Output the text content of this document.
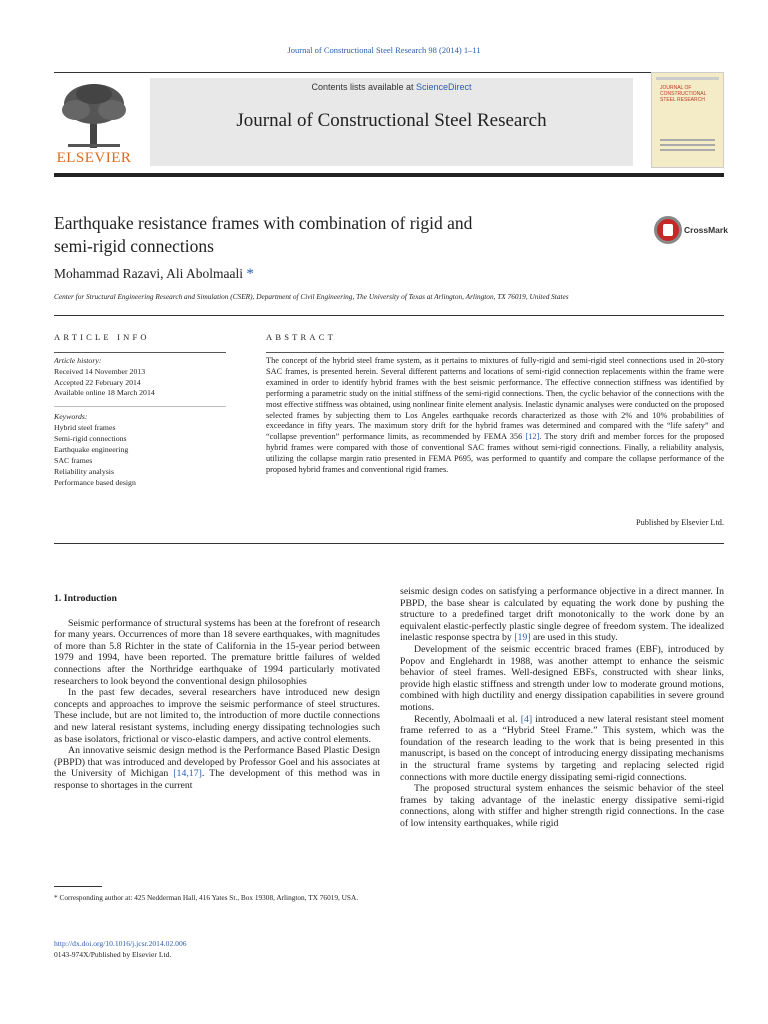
Journal of Constructional Steel Research 98 (2014) 1–11
ELSEVIER
Contents lists available at ScienceDirect
Journal of Constructional Steel Research
JOURNAL OF CONSTRUCTIONAL STEEL RESEARCH
Earthquake resistance frames with combination of rigid and
semi-rigid connections
CrossMark
Mohammad Razavi, Ali Abolmaali *
Center for Structural Engineering Research and Simulation (CSER), Department of Civil Engineering, The University of Texas at Arlington, Arlington, TX 76019, United States
ARTICLE INFO	ABSTRACT
Article history:
Received 14 November 2013
Accepted 22 February 2014
Available online 18 March 2014
Keywords:
Hybrid steel frames
Semi-rigid connections
Earthquake engineering
SAC frames
Reliability analysis
Performance based design
The concept of the hybrid steel frame system, as it pertains to mixtures of fully-rigid and semi-rigid steel connections used in 20-story SAC frames, is presented herein. Several different patterns and locations of semi-rigid connection replacements within the frame were examined in order to identify hybrid frames with the best seismic performance. The effective connection stiffness was identified by performing a parametric study on the initial stiffness of the semi-rigid connections. Then, the cyclic behavior of the connections with the most effective stiffness was obtained, using nonlinear finite element analysis. Inelastic dynamic analyses were conducted on the proposed selected frames by subjecting them to Los Angeles earthquake records characterized as those with 2% and 10% probabilities of exceedance in fifty years. The maximum story drift for the hybrid frames was determined and compared with the “life safety” and “collapse prevention” performance limits, as recommended by FEMA 356 [12]. The story drift and member forces for the proposed hybrid frames were compared with those of conventional SAC frames without semi-rigid connections. Finally, a reliability analysis, utilizing the collapse margin ratio presented in FEMA P695, was performed to quantify and compare the collapse performance of the proposed hybrid frames and conventional rigid frames.
Published by Elsevier Ltd.
1. Introduction

Seismic performance of structural systems has been at the forefront of research for many years. Occurrences of more than 18 severe earthquakes, with magnitudes of more than 5.8 Richter in the state of California in the 15-year period between 1979 and 1994, have been reported. The premature brittle failures of welded connections after the Northridge earthquake of 1994 particularly motivated researchers to look beyond the conventional design philosophies

In the past few decades, several researchers have introduced new design concepts and approaches to improve the seismic performance of steel structures. These include, but are not limited to, the introduction of more ductile connections and new lateral resistant systems, including energy dissipating technologies such as base isolators, frictional or visco-elastic dampers, and active control elements.

An innovative seismic design method is the Performance Based Plastic Design (PBPD) that was introduced and developed by Professor Goel and his associates at the University of Michigan [14,17]. The development of this method was in response to shortages in the current

seismic design codes on satisfying a performance objective in a direct manner. In PBPD, the base shear is calculated by equating the work done by pushing the structure to a predefined target drift monotonically to the work done by an equivalent elastic-perfectly plastic single degree of freedom system. The idealized inelastic response spectra by [19] are used in this study.

Development of the seismic eccentric braced frames (EBF), introduced by Popov and Englehardt in 1988, was another attempt to enhance the seismic behavior of steel frames. Well-designed EBFs, constructed with shear links, provide high elastic stiffness and strength under low to moderate ground motions, combined with high ductility and energy dissipation capabilities in severe ground motions.

Recently, Abolmaali et al. [4] introduced a new lateral resistant steel moment frame referred to as a “Hybrid Steel Frame.” This system, which was the foundation of the research leading to the work that is being presented in this manuscript, is based on the concept of introducing energy dissipating mechanisms in the structural frame systems by targeting and replacing selected rigid connections with more ductile energy dissipating semi-rigid connections.

The proposed structural system enhances the seismic behavior of the steel frames by taking advantage of the inelastic energy dissipative semi-rigid connections, along with stiffer and higher strength rigid connections. In the case of low intensity earthquakes, while rigid

* Corresponding author at: 425 Nedderman Hall, 416 Yates St., Box 19308, Arlington, TX 76019, USA.
http://dx.doi.org/10.1016/j.jcsr.2014.02.006
0143-974X/Published by Elsevier Ltd.
